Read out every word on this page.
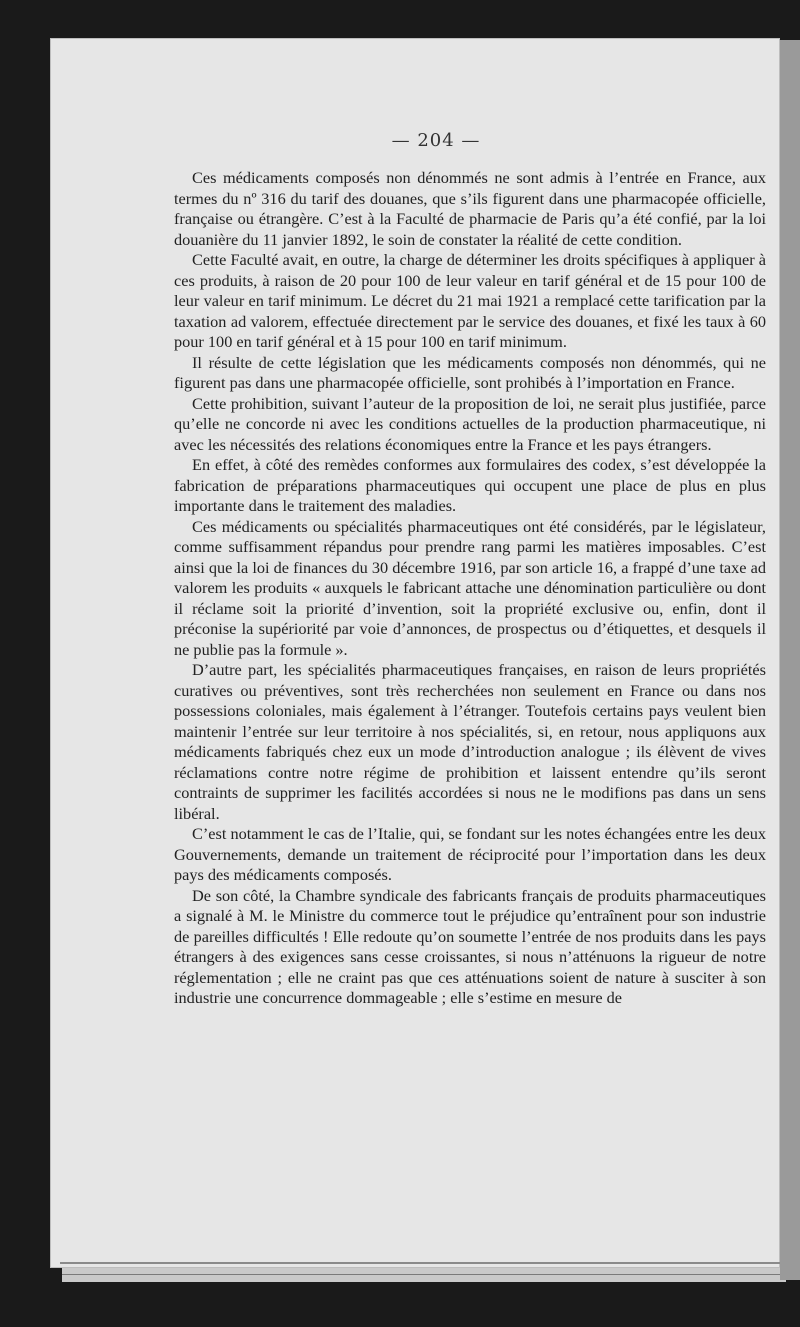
— 204 —

Ces médicaments composés non dénommés ne sont admis à l’entrée en France, aux termes du nº 316 du tarif des douanes, que s’ils figurent dans une pharmacopée officielle, française ou étrangère. C’est à la Faculté de pharmacie de Paris qu’a été confié, par la loi douanière du 11 janvier 1892, le soin de constater la réalité de cette condition.

Cette Faculté avait, en outre, la charge de déterminer les droits spécifiques à appliquer à ces produits, à raison de 20 pour 100 de leur valeur en tarif général et de 15 pour 100 de leur valeur en tarif minimum. Le décret du 21 mai 1921 a remplacé cette tarification par la taxation ad valorem, effectuée directement par le service des douanes, et fixé les taux à 60 pour 100 en tarif général et à 15 pour 100 en tarif minimum.

Il résulte de cette législation que les médicaments composés non dénommés, qui ne figurent pas dans une pharmacopée officielle, sont prohibés à l’importation en France.

Cette prohibition, suivant l’auteur de la proposition de loi, ne serait plus justifiée, parce qu’elle ne concorde ni avec les conditions actuelles de la production pharmaceutique, ni avec les nécessités des relations économiques entre la France et les pays étrangers.

En effet, à côté des remèdes conformes aux formulaires des codex, s’est développée la fabrication de préparations pharmaceutiques qui occupent une place de plus en plus importante dans le traitement des maladies.

Ces médicaments ou spécialités pharmaceutiques ont été considérés, par le législateur, comme suffisamment répandus pour prendre rang parmi les matières imposables. C’est ainsi que la loi de finances du 30 décembre 1916, par son article 16, a frappé d’une taxe ad valorem les produits « auxquels le fabricant attache une dénomination particulière ou dont il réclame soit la priorité d’invention, soit la propriété exclusive ou, enfin, dont il préconise la supériorité par voie d’annonces, de prospectus ou d’étiquettes, et desquels il ne publie pas la formule ».

D’autre part, les spécialités pharmaceutiques françaises, en raison de leurs propriétés curatives ou préventives, sont très recherchées non seulement en France ou dans nos possessions coloniales, mais également à l’étranger. Toutefois certains pays veulent bien maintenir l’entrée sur leur territoire à nos spécialités, si, en retour, nous appliquons aux médicaments fabriqués chez eux un mode d’introduction analogue ; ils élèvent de vives réclamations contre notre régime de prohibition et laissent entendre qu’ils seront contraints de supprimer les facilités accordées si nous ne le modifions pas dans un sens libéral.

C’est notamment le cas de l’Italie, qui, se fondant sur les notes échangées entre les deux Gouvernements, demande un traitement de réciprocité pour l’importation dans les deux pays des médicaments composés.

De son côté, la Chambre syndicale des fabricants français de produits pharmaceutiques a signalé à M. le Ministre du commerce tout le préjudice qu’entraînent pour son industrie de pareilles difficultés ! Elle redoute qu’on soumette l’entrée de nos produits dans les pays étrangers à des exigences sans cesse croissantes, si nous n’atténuons la rigueur de notre réglementation ; elle ne craint pas que ces atténuations soient de nature à susciter à son industrie une concurrence dommageable ; elle s’estime en mesure de
